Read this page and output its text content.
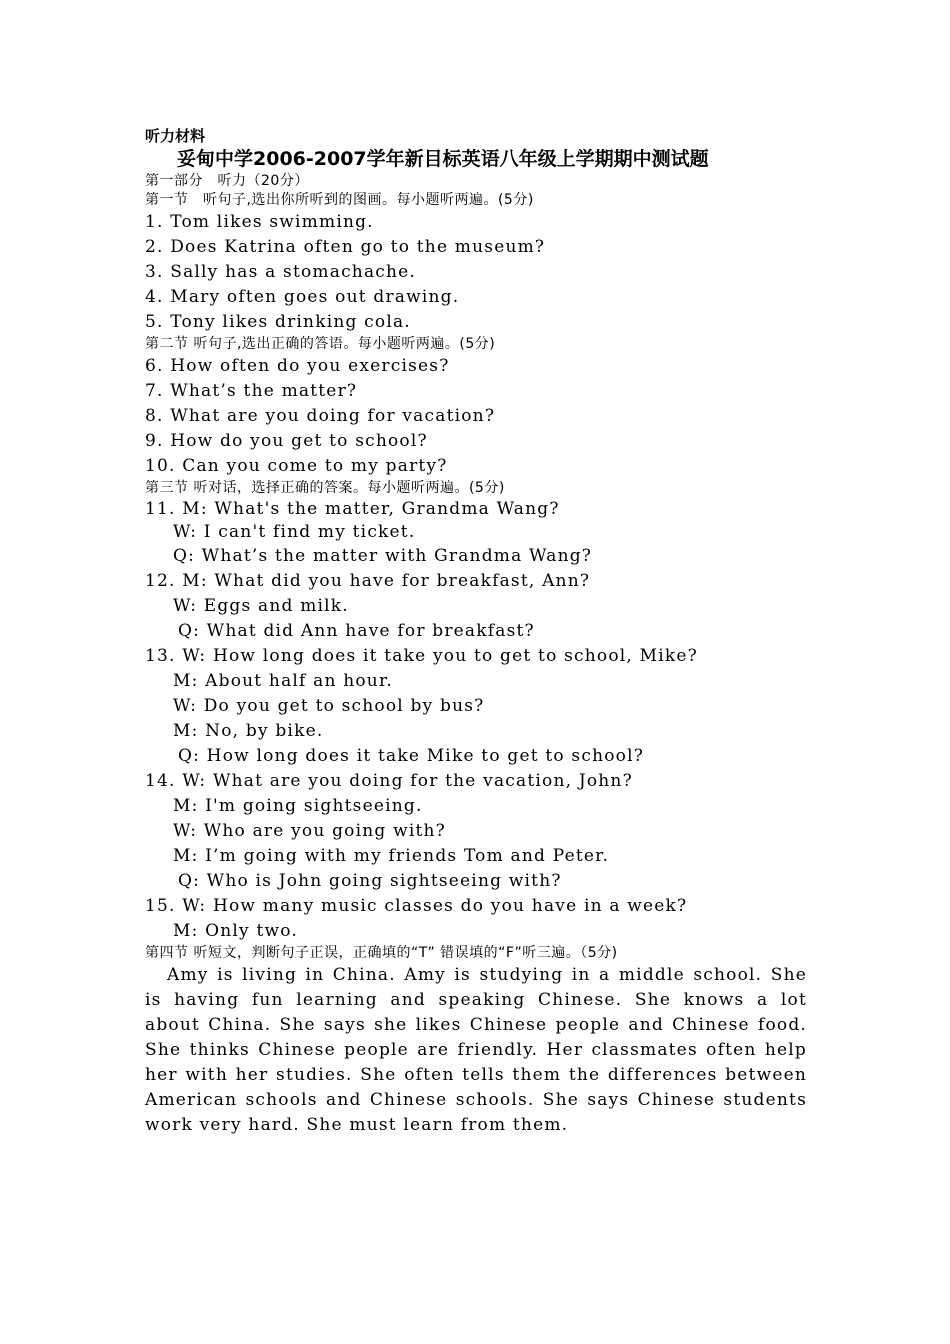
听力材料
妥甸中学2006-2007学年新目标英语八年级上学期期中测试题
第一部分　听力（20分）
第一节　听句子,选出你所听到的图画。每小题听两遍。(5分)
1. Tom likes swimming.
2. Does Katrina often go to the museum?
3. Sally has a stomachache.
4. Mary often goes out drawing.
5. Tony likes drinking cola.
第二节 听句子,选出正确的答语。每小题听两遍。(5分)
6. How often do you exercises?
7. What’s the matter?
8. What are you doing for vacation?
9. How do you get to school?
10. Can you come to my party?
第三节 听对话，选择正确的答案。每小题听两遍。(5分)
11. M: What's the matter, Grandma Wang?
W: I can't find my ticket.
Q: What’s the matter with Grandma Wang?
12. M: What did you have for breakfast, Ann?
W: Eggs and milk.
Q: What did Ann have for breakfast?
13. W: How long does it take you to get to school, Mike?
M: About half an hour.
W: Do you get to school by bus?
M: No, by bike.
Q: How long does it take Mike to get to school?
14. W: What are you doing for the vacation, John?
M: I'm going sightseeing.
W: Who are you going with?
M: I’m going with my friends Tom and Peter.
Q: Who is John going sightseeing with?
15. W: How many music classes do you have in a week?
M: Only two.
第四节 听短文，判断句子正误，正确填的“T” 错误填的“F”听三遍。（5分)

Amy is living in China. Amy is studying in a middle school. She is having fun learning and speaking Chinese. She knows a lot about China. She says she likes Chinese people and Chinese food. She thinks Chinese people are friendly. Her classmates often help her with her studies. She often tells them the differences between American schools and Chinese schools. She says Chinese students work very hard. She must learn from them.
